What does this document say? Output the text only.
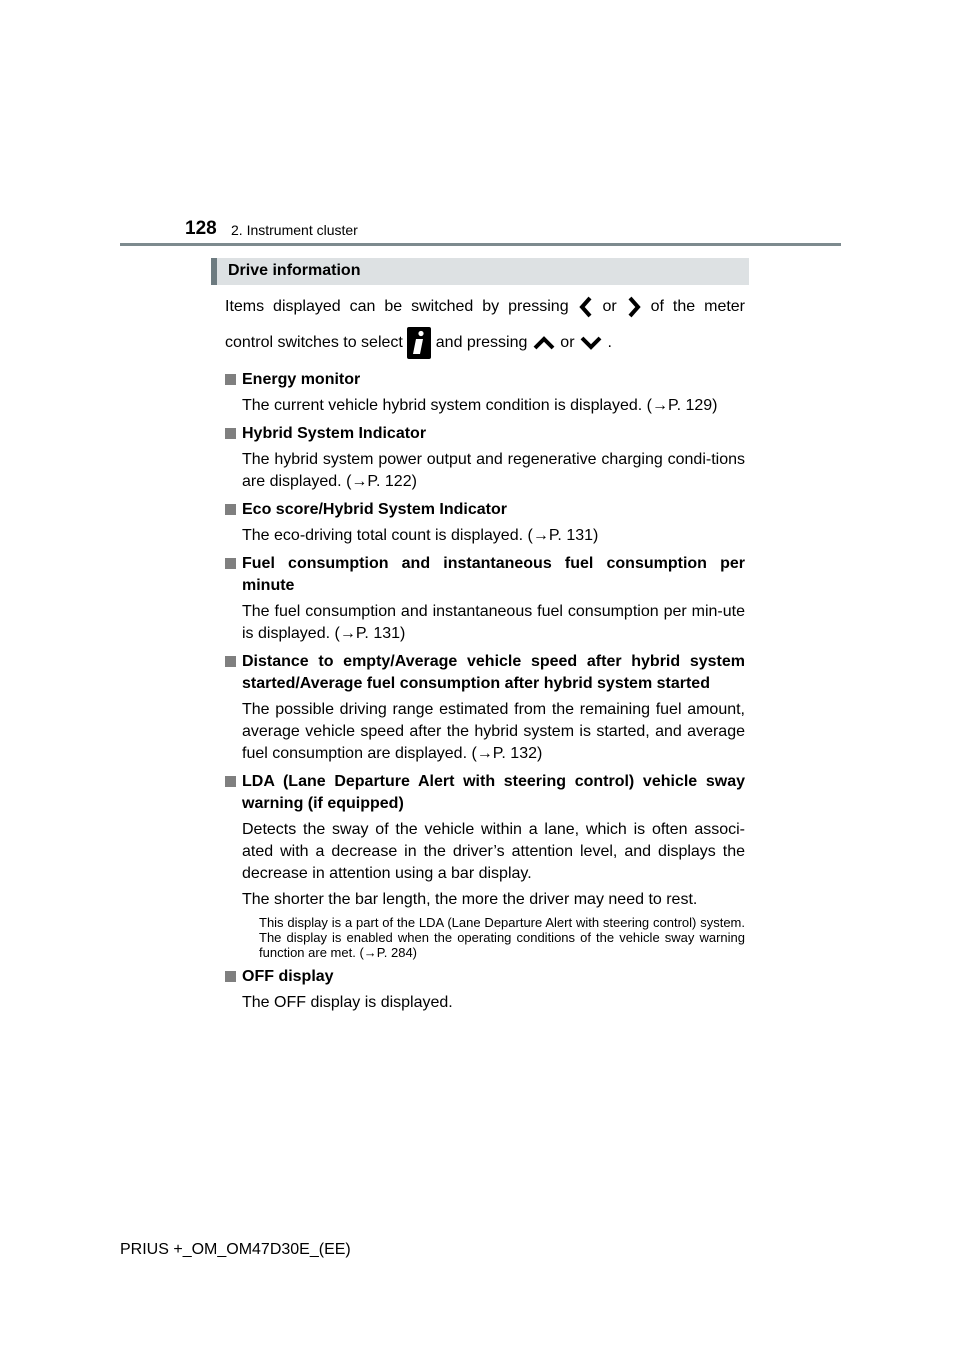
128 2. Instrument cluster
Drive information

Items displayed can be switched by pressing or of the meter
control switches to select and pressing or .

Energy monitor
The current vehicle hybrid system condition is displayed. (→P. 129)
Hybrid System Indicator
The hybrid system power output and regenerative charging condi-tions are displayed. (→P. 122)
Eco score/Hybrid System Indicator
The eco-driving total count is displayed. (→P. 131)
Fuel consumption and instantaneous fuel consumption per minute
The fuel consumption and instantaneous fuel consumption per min-ute is displayed. (→P. 131)
Distance to empty/Average vehicle speed after hybrid system started/Average fuel consumption after hybrid system started
The possible driving range estimated from the remaining fuel amount, average vehicle speed after the hybrid system is started, and average fuel consumption are displayed. (→P. 132)
LDA (Lane Departure Alert with steering control) vehicle sway warning (if equipped)
Detects the sway of the vehicle within a lane, which is often associ-ated with a decrease in the driver’s attention level, and displays the decrease in attention using a bar display.
The shorter the bar length, the more the driver may need to rest.
This display is a part of the LDA (Lane Departure Alert with steering control) system. The display is enabled when the operating conditions of the vehicle sway warning function are met. (→P. 284)
OFF display
The OFF display is displayed.
PRIUS +_OM_OM47D30E_(EE)
